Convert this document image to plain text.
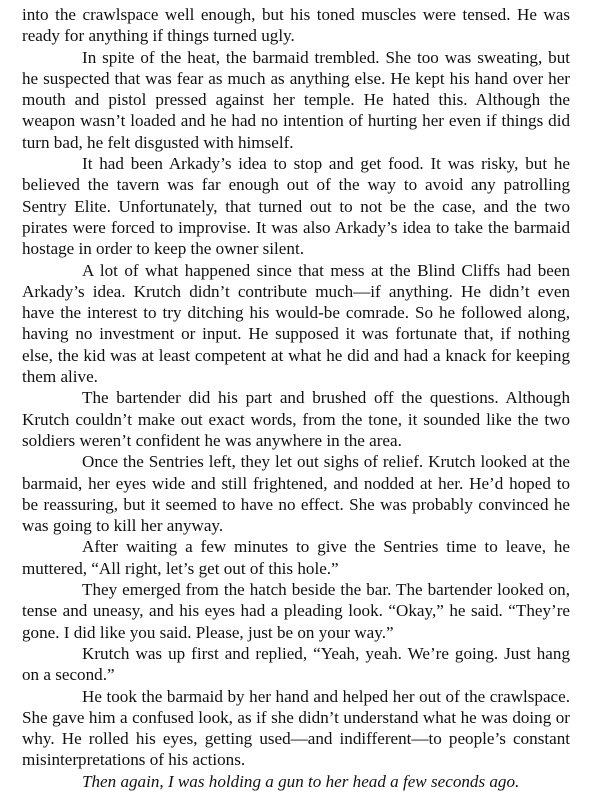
into the crawlspace well enough, but his toned muscles were tensed. He was ready for anything if things turned ugly.

In spite of the heat, the barmaid trembled. She too was sweating, but he suspected that was fear as much as anything else. He kept his hand over her mouth and pistol pressed against her temple. He hated this. Although the weapon wasn’t loaded and he had no intention of hurting her even if things did turn bad, he felt disgusted with himself.

It had been Arkady’s idea to stop and get food. It was risky, but he believed the tavern was far enough out of the way to avoid any patrolling Sentry Elite. Unfortunately, that turned out to not be the case, and the two pirates were forced to improvise. It was also Arkady’s idea to take the barmaid hostage in order to keep the owner silent.

A lot of what happened since that mess at the Blind Cliffs had been Arkady’s idea. Krutch didn’t contribute much—if anything. He didn’t even have the interest to try ditching his would-be comrade. So he followed along, having no investment or input. He supposed it was fortunate that, if nothing else, the kid was at least competent at what he did and had a knack for keeping them alive.

The bartender did his part and brushed off the questions. Although Krutch couldn’t make out exact words, from the tone, it sounded like the two soldiers weren’t confident he was anywhere in the area.

Once the Sentries left, they let out sighs of relief. Krutch looked at the barmaid, her eyes wide and still frightened, and nodded at her. He’d hoped to be reassuring, but it seemed to have no effect. She was probably convinced he was going to kill her anyway.

After waiting a few minutes to give the Sentries time to leave, he muttered, “All right, let’s get out of this hole.”

They emerged from the hatch beside the bar. The bartender looked on, tense and uneasy, and his eyes had a pleading look. “Okay,” he said. “They’re gone. I did like you said. Please, just be on your way.”

Krutch was up first and replied, “Yeah, yeah. We’re going. Just hang on a second.”

He took the barmaid by her hand and helped her out of the crawlspace. She gave him a confused look, as if she didn’t understand what he was doing or why. He rolled his eyes, getting used—and indifferent—to people’s constant misinterpretations of his actions.

Then again, I was holding a gun to her head a few seconds ago.
